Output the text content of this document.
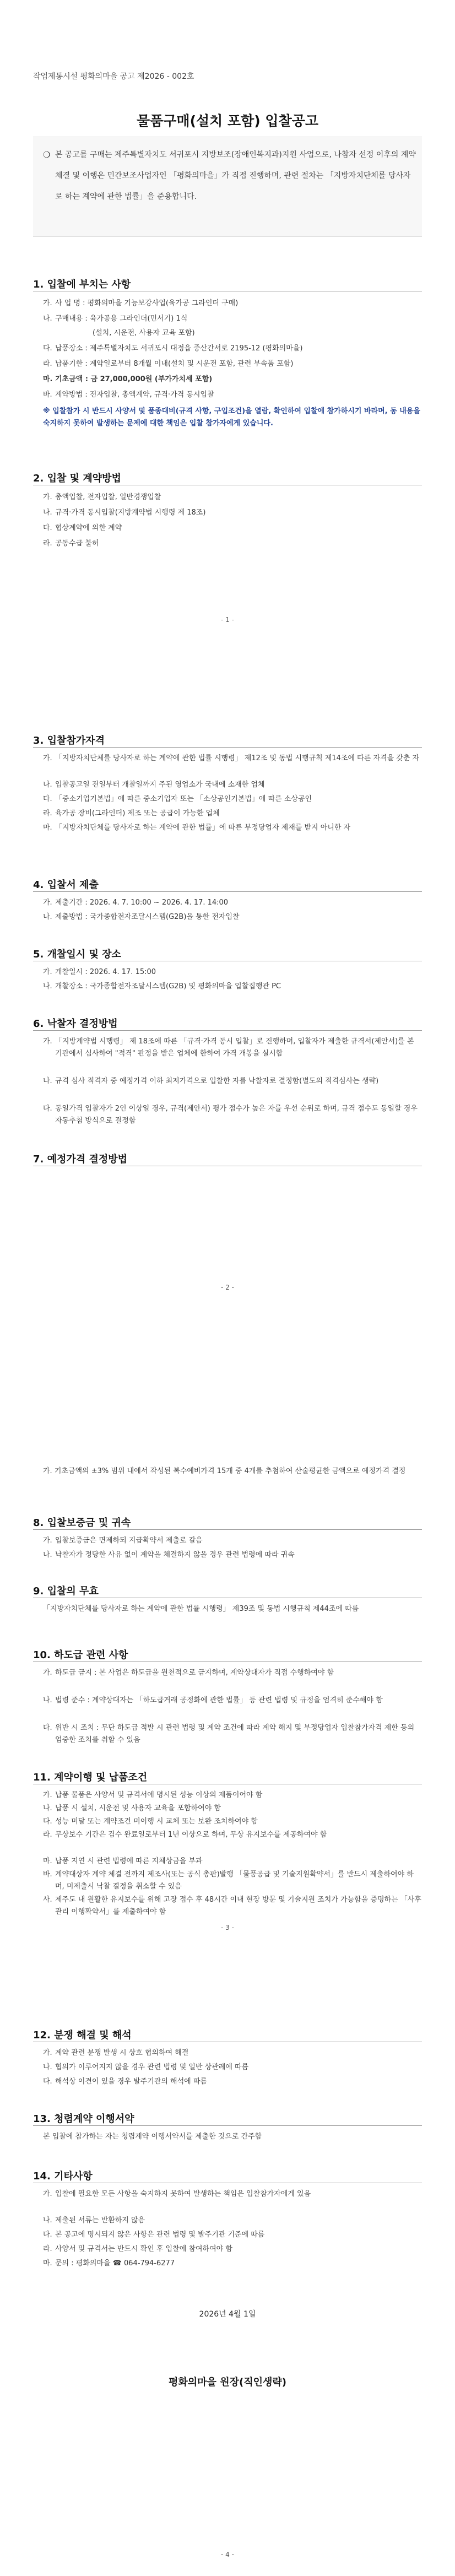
작업제통시설 평화의마을 공고 제2026 - 002호
물품구매(설치 포함) 입찰공고
❍ 본 공고를 구매는 제주특별자치도 서귀포시 지방보조(장애인복지과)지원 사업으로, 나참자 선정 이후의 계약 체결 및 이행은 민간보조사업자인 「평화의마을」가 직접 진행하며, 관련 절차는 「지방자치단체를 당사자로 하는 계약에 관한 법률」을 준용합니다.
1. 입찰에 부치는 사항
가. 사 업 명 : 평화의마을 기능보강사업(육가공 그라인더 구매)
나. 구매내용 : 육가공용 그라인더(민서기) 1식
(설치, 시운전, 사용자 교육 포함)
다. 납품장소 : 제주특별자치도 서귀포시 대정읍 중산간서로 2195-12 (평화의마을)
라. 납품기한 : 계약일로부터 8개월 이내(설치 및 시운전 포함, 관련 부속품 포함)
마. 기초금액 : 금 27,000,000원 (부가가치세 포함)
바. 계약방법 : 전자입찰, 총액계약, 규격·가격 동시입찰
※ 입찰참가 시 반드시 사양서 및 품종대비(규격 사항, 구입조건)을 열람, 확인하여 입찰에 참가하시기 바라며, 동 내용을 숙지하지 못하여 발생하는 문제에 대한 책임은 입찰 참가자에게 있습니다.
2. 입찰 및 계약방법
가. 총액입찰, 전자입찰, 일반경쟁입찰
나. 규격·가격 동시입찰(지방계약법 시행령 제 18조)
다. 협상계약에 의한 계약
라. 공동수급 불허
- 1 -
3. 입찰참가자격
가. 「지방자치단체를 당사자로 하는 계약에 관한 법률 시행령」 제12조 및 동법 시행규칙 제14조에 따른 자격을 갖춘 자
나. 입찰공고일 전일부터 개찰일까지 주된 영업소가 국내에 소재한 업체
다. 「중소기업기본법」에 따른 중소기업자 또는 「소상공인기본법」에 따른 소상공인
라. 육가공 장비(그라인더) 제조 또는 공급이 가능한 업체
마. 「지방자치단체를 당사자로 하는 계약에 관한 법률」에 따른 부정당업자 제재를 받지 아니한 자
4. 입찰서 제출
가. 제출기간 : 2026. 4. 7. 10:00 ~ 2026. 4. 17. 14:00
나. 제출방법 : 국가종합전자조달시스템(G2B)을 통한 전자입찰
5. 개찰일시 및 장소
가. 개찰일시 : 2026. 4. 17. 15:00
나. 개찰장소 : 국가종합전자조달시스템(G2B) 및 평화의마을 입찰집행관 PC
6. 낙찰자 결정방법
가. 「지방계약법 시행령」 제 18조에 따른 「규격·가격 동시 입찰」로 진행하며, 입찰자가 제출한 규격서(제안서)를 본 기관에서 심사하여 "적격" 판정을 받은 업체에 한하여 가격 개봉을 실시함
나. 규격 심사 적격자 중 예정가격 이하 최저가격으로 입찰한 자를 낙찰자로 결정함(별도의 적격심사는 생략)
다. 동일가격 입찰자가 2인 이상일 경우, 규격(제안서) 평가 점수가 높은 자를 우선 순위로 하며, 규격 점수도 동일할 경우 자동추첨 방식으로 결정함
7. 예정가격 결정방법
- 2 -
가. 기초금액의 ±3% 범위 내에서 작성된 복수예비가격 15개 중 4개를 추첨하여 산술평균한 금액으로 예정가격 결정
8. 입찰보증금 및 귀속
가. 입찰보증금은 면제하되 지급확약서 제출로 갈음
나. 낙찰자가 정당한 사유 없이 계약을 체결하지 않을 경우 관련 법령에 따라 귀속
9. 입찰의 무효
「지방자치단체를 당사자로 하는 계약에 관한 법률 시행령」 제39조 및 동법 시행규칙 제44조에 따름
10. 하도급 관련 사항
가. 하도급 금지 : 본 사업은 하도급을 원천적으로 금지하며, 계약상대자가 직접 수행하여야 함
나. 법령 준수 : 계약상대자는 「하도급거래 공정화에 관한 법률」 등 관련 법령 및 규정을 엄격히 준수해야 함
다. 위반 시 조치 : 무단 하도급 적발 시 관련 법령 및 계약 조건에 따라 계약 해지 및 부정당업자 입찰참가자격 제한 등의 엄중한 조치를 취할 수 있음
11. 계약이행 및 납품조건
가. 납품 물품은 사양서 및 규격서에 명시된 성능 이상의 제품이어야 함
나. 납품 시 설치, 시운전 및 사용자 교육을 포함하여야 함
다. 성능 미달 또는 계약조건 미이행 시 교체 또는 보완 조치하여야 함
라. 무상보수 기간은 검수 완료일로부터 1년 이상으로 하며, 무상 유지보수를 제공하여야 함
마. 납품 지연 시 관련 법령에 따른 지체상금을 부과
바. 계약대상자 계약 체결 전까지 제조사(또는 공식 총판)발행 「물품공급 및 기술지원확약서」를 반드시 제출하여야 하며, 미제출시 낙찰 결정을 취소할 수 있음
사. 제주도 내 원활한 유지보수를 위해 고장 접수 후 48시간 이내 현장 방문 및 기술지원 조치가 가능함을 증명하는 「사후관리 이행확약서」를 제출하여야 함
- 3 -
12. 분쟁 해결 및 해석
가. 계약 관련 분쟁 발생 시 상호 협의하여 해결
나. 협의가 이루어지지 않을 경우 관련 법령 및 일반 상관례에 따름
다. 해석상 이견이 있을 경우 발주기관의 해석에 따름
13. 청렴계약 이행서약
본 입찰에 참가하는 자는 청렴계약 이행서약서를 제출한 것으로 간주함
14. 기타사항
가. 입찰에 필요한 모든 사항을 숙지하지 못하여 발생하는 책임은 입찰참가자에게 있음
나. 제출된 서류는 반환하지 않음
다. 본 공고에 명시되지 않은 사항은 관련 법령 및 발주기관 기준에 따름
라. 사양서 및 규격서는 반드시 확인 후 입찰에 참여하여야 함
마. 문의 : 평화의마을 ☎ 064-794-6277
2026년 4월 1일
평화의마을 원장(직인생략)
- 4 -
